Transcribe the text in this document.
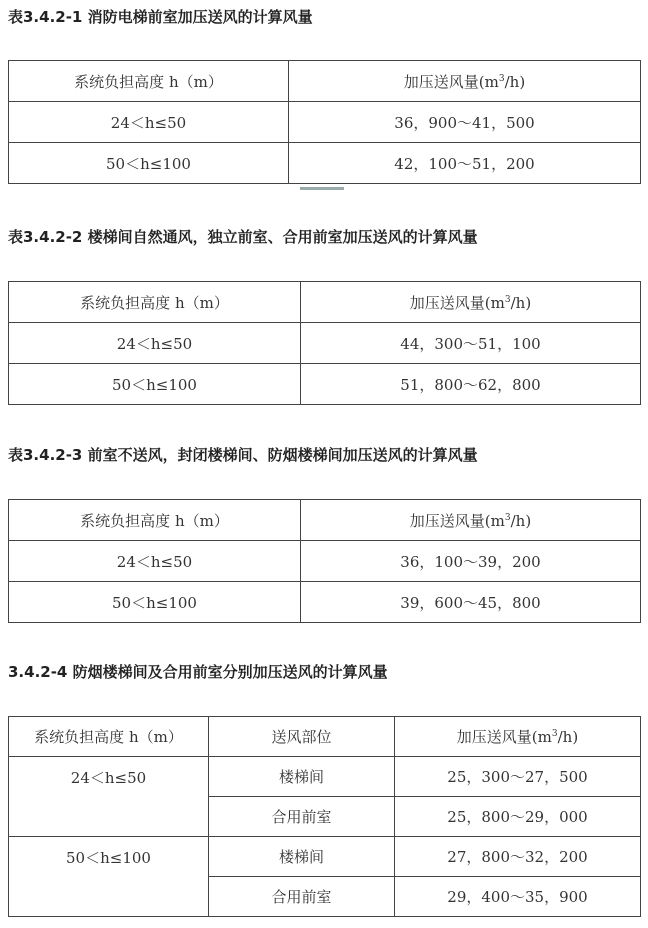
表3.4.2-1 消防电梯前室加压送风的计算风量
系统负担高度 h（m）	加压送风量$(m^3/h)$
24＜h≤50	36，900～41，500
50＜h≤100	42，100～51，200
表3.4.2-2 楼梯间自然通风，独立前室、合用前室加压送风的计算风量
系统负担高度 h（m）	加压送风量$(m^3/h)$
24＜h≤50	44，300～51，100
50＜h≤100	51，800～62，800
表3.4.2-3 前室不送风，封闭楼梯间、防烟楼梯间加压送风的计算风量
系统负担高度 h（m）	加压送风量$(m^3/h)$
24＜h≤50	36，100～39，200
50＜h≤100	39，600～45，800
3.4.2-4 防烟楼梯间及合用前室分别加压送风的计算风量
系统负担高度 h（m）	送风部位	加压送风量$(m^3/h)$
24＜h≤50	楼梯间	25，300～27，500
	合用前室	25，800～29，000
50＜h≤100	楼梯间	27，800～32，200
	合用前室	29，400～35，900
